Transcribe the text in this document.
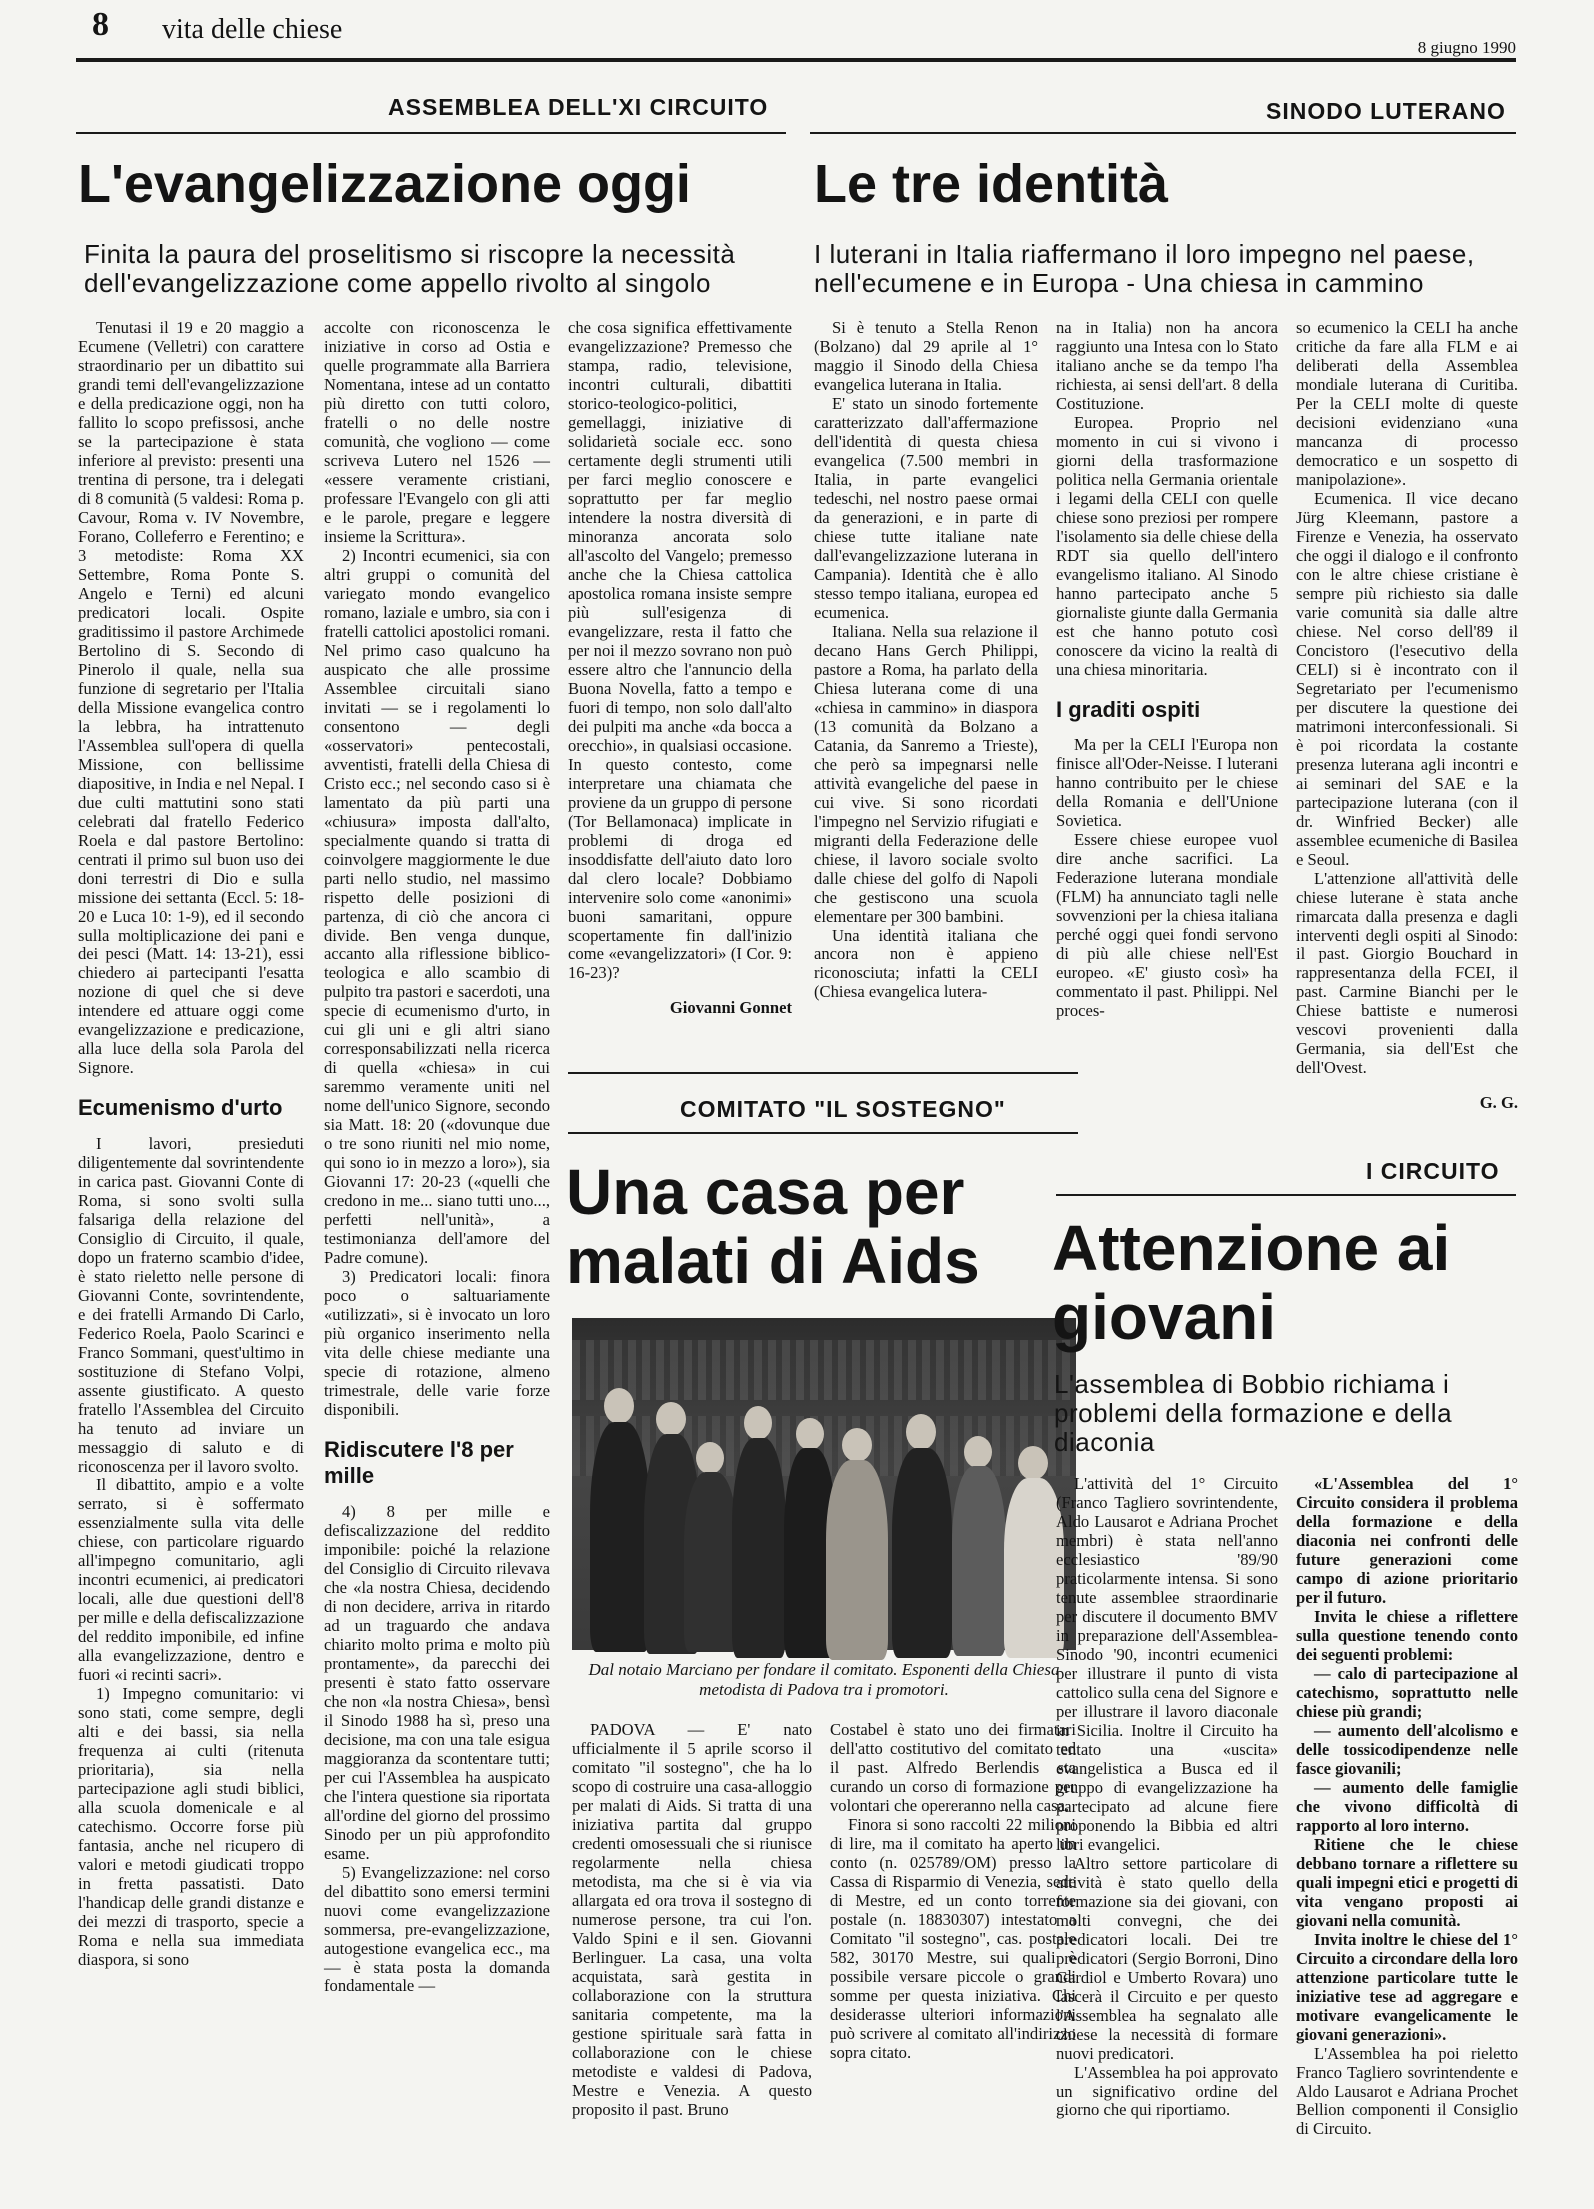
8 vita delle chiese
8 giugno 1990
ASSEMBLEA DELL'XI CIRCUITO
L'evangelizzazione oggi
Finita la paura del proselitismo si riscopre la necessità dell'evangelizzazione come appello rivolto al singolo

Tenutasi il 19 e 20 maggio a Ecumene (Velletri) con carattere straordinario per un dibattito sui grandi temi dell'evangelizzazione e della predicazione oggi, non ha fallito lo scopo prefissosi, anche se la partecipazione è stata inferiore al previsto: presenti una trentina di persone, tra i delegati di 8 comunità (5 valdesi: Roma p. Cavour, Roma v. IV Novembre, Forano, Colleferro e Ferentino; e 3 metodiste: Roma XX Settembre, Roma Ponte S. Angelo e Terni) ed alcuni predicatori locali. Ospite graditissimo il pastore Archimede Bertolino di S. Secondo di Pinerolo il quale, nella sua funzione di segretario per l'Italia della Missione evangelica contro la lebbra, ha intrattenuto l'Assemblea sull'opera di quella Missione, con bellissime diapositive, in India e nel Nepal. I due culti mattutini sono stati celebrati dal fratello Federico Roela e dal pastore Bertolino: centrati il primo sul buon uso dei doni terrestri di Dio e sulla missione dei settanta (Eccl. 5: 18-20 e Luca 10: 1-9), ed il secondo sulla moltiplicazione dei pani e dei pesci (Matt. 14: 13-21), essi chiedero ai partecipanti l'esatta nozione di quel che si deve intendere ed attuare oggi come evangelizzazione e predicazione, alla luce della sola Parola del Signore.

Ecumenismo d'urto

I lavori, presieduti diligentemente dal sovrintendente in carica past. Giovanni Conte di Roma, si sono svolti sulla falsariga della relazione del Consiglio di Circuito, il quale, dopo un fraterno scambio d'idee, è stato rieletto nelle persone di Giovanni Conte, sovrintendente, e dei fratelli Armando Di Carlo, Federico Roela, Paolo Scarinci e Franco Sommani, quest'ultimo in sostituzione di Stefano Volpi, assente giustificato. A questo fratello l'Assemblea del Circuito ha tenuto ad inviare un messaggio di saluto e di riconoscenza per il lavoro svolto.

Il dibattito, ampio e a volte serrato, si è soffermato essenzialmente sulla vita delle chiese, con particolare riguardo all'impegno comunitario, agli incontri ecumenici, ai predicatori locali, alle due questioni dell'8 per mille e della defiscalizzazione del reddito imponibile, ed infine alla evangelizzazione, dentro e fuori «i recinti sacri».

1) Impegno comunitario: vi sono stati, come sempre, degli alti e dei bassi, sia nella frequenza ai culti (ritenuta prioritaria), sia nella partecipazione agli studi biblici, alla scuola domenicale e al catechismo. Occorre forse più fantasia, anche nel ricupero di valori e metodi giudicati troppo in fretta passatisti. Dato l'handicap delle grandi distanze e dei mezzi di trasporto, specie a Roma e nella sua immediata diaspora, si sono

accolte con riconoscenza le iniziative in corso ad Ostia e quelle programmate alla Barriera Nomentana, intese ad un contatto più diretto con tutti coloro, fratelli o no delle nostre comunità, che vogliono — come scriveva Lutero nel 1526 — «essere veramente cristiani, professare l'Evangelo con gli atti e le parole, pregare e leggere insieme la Scrittura».

2) Incontri ecumenici, sia con altri gruppi o comunità del variegato mondo evangelico romano, laziale e umbro, sia con i fratelli cattolici apostolici romani. Nel primo caso qualcuno ha auspicato che alle prossime Assemblee circuitali siano invitati — se i regolamenti lo consentono — degli «osservatori» pentecostali, avventisti, fratelli della Chiesa di Cristo ecc.; nel secondo caso si è lamentato da più parti una «chiusura» imposta dall'alto, specialmente quando si tratta di coinvolgere maggiormente le due parti nello studio, nel massimo rispetto delle posizioni di partenza, di ciò che ancora ci divide. Ben venga dunque, accanto alla riflessione biblico-teologica e allo scambio di pulpito tra pastori e sacerdoti, una specie di ecumenismo d'urto, in cui gli uni e gli altri siano corresponsabilizzati nella ricerca di quella «chiesa» in cui saremmo veramente uniti nel nome dell'unico Signore, secondo sia Matt. 18: 20 («dovunque due o tre sono riuniti nel mio nome, qui sono io in mezzo a loro»), sia Giovanni 17: 20-23 («quelli che credono in me... siano tutti uno..., perfetti nell'unità», a testimonianza dell'amore del Padre comune).

3) Predicatori locali: finora poco o saltuariamente «utilizzati», si è invocato un loro più organico inserimento nella vita delle chiese mediante una specie di rotazione, almeno trimestrale, delle varie forze disponibili.

Ridiscutere l'8 per mille

4) 8 per mille e defiscalizzazione del reddito imponibile: poiché la relazione del Consiglio di Circuito rilevava che «la nostra Chiesa, decidendo di non decidere, arriva in ritardo ad un traguardo che andava chiarito molto prima e molto più prontamente», da parecchi dei presenti è stato fatto osservare che non «la nostra Chiesa», bensì il Sinodo 1988 ha sì, preso una decisione, ma con una tale esigua maggioranza da scontentare tutti; per cui l'Assemblea ha auspicato che l'intera questione sia riportata all'ordine del giorno del prossimo Sinodo per un più approfondito esame.

5) Evangelizzazione: nel corso del dibattito sono emersi termini nuovi come evangelizzazione sommersa, pre-evangelizzazione, autogestione evangelica ecc., ma — è stata posta la domanda fondamentale —

che cosa significa effettivamente evangelizzazione? Premesso che stampa, radio, televisione, incontri culturali, dibattiti storico-teologico-politici, gemellaggi, iniziative di solidarietà sociale ecc. sono certamente degli strumenti utili per farci meglio conoscere e soprattutto per far meglio intendere la nostra diversità di minoranza ancorata solo all'ascolto del Vangelo; premesso anche che la Chiesa cattolica apostolica romana insiste sempre più sull'esigenza di evangelizzare, resta il fatto che per noi il mezzo sovrano non può essere altro che l'annuncio della Buona Novella, fatto a tempo e fuori di tempo, non solo dall'alto dei pulpiti ma anche «da bocca a orecchio», in qualsiasi occasione. In questo contesto, come interpretare una chiamata che proviene da un gruppo di persone (Tor Bellamonaca) implicate in problemi di droga ed insoddisfatte dell'aiuto dato loro dal clero locale? Dobbiamo intervenire solo come «anonimi» buoni samaritani, oppure scopertamente fin dall'inizio come «evangelizzatori» (I Cor. 9: 16-23)?

Giovanni Gonnet

SINODO LUTERANO
Le tre identità
I luterani in Italia riaffermano il loro impegno nel paese, nell'ecumene e in Europa - Una chiesa in cammino

Si è tenuto a Stella Renon (Bolzano) dal 29 aprile al 1° maggio il Sinodo della Chiesa evangelica luterana in Italia.

E' stato un sinodo fortemente caratterizzato dall'affermazione dell'identità di questa chiesa evangelica (7.500 membri in Italia, in parte evangelici tedeschi, nel nostro paese ormai da generazioni, e in parte di chiese tutte italiane nate dall'evangelizzazione luterana in Campania). Identità che è allo stesso tempo italiana, europea ed ecumenica.

Italiana. Nella sua relazione il decano Hans Gerch Philippi, pastore a Roma, ha parlato della Chiesa luterana come di una «chiesa in cammino» in diaspora (13 comunità da Bolzano a Catania, da Sanremo a Trieste), che però sa impegnarsi nelle attività evangeliche del paese in cui vive. Si sono ricordati l'impegno nel Servizio rifugiati e migranti della Federazione delle chiese, il lavoro sociale svolto dalle chiese del golfo di Napoli che gestiscono una scuola elementare per 300 bambini.

Una identità italiana che ancora non è appieno riconosciuta; infatti la CELI (Chiesa evangelica lutera-

na in Italia) non ha ancora raggiunto una Intesa con lo Stato italiano anche se da tempo l'ha richiesta, ai sensi dell'art. 8 della Costituzione.

Europea. Proprio nel momento in cui si vivono i giorni della trasformazione politica nella Germania orientale i legami della CELI con quelle chiese sono preziosi per rompere l'isolamento sia delle chiese della RDT sia quello dell'intero evangelismo italiano. Al Sinodo hanno partecipato anche 5 giornaliste giunte dalla Germania est che hanno potuto così conoscere da vicino la realtà di una chiesa minoritaria.

I graditi ospiti

Ma per la CELI l'Europa non finisce all'Oder-Neisse. I luterani hanno contribuito per le chiese della Romania e dell'Unione Sovietica.

Essere chiese europee vuol dire anche sacrifici. La Federazione luterana mondiale (FLM) ha annunciato tagli nelle sovvenzioni per la chiesa italiana perché oggi quei fondi servono di più alle chiese nell'Est europeo. «E' giusto così» ha commentato il past. Philippi. Nel proces-

so ecumenico la CELI ha anche critiche da fare alla FLM e ai deliberati della Assemblea mondiale luterana di Curitiba. Per la CELI molte di queste decisioni evidenziano «una mancanza di processo democratico e un sospetto di manipolazione».

Ecumenica. Il vice decano Jürg Kleemann, pastore a Firenze e Venezia, ha osservato che oggi il dialogo e il confronto con le altre chiese cristiane è sempre più richiesto sia dalle varie comunità sia dalle altre chiese. Nel corso dell'89 il Concistoro (l'esecutivo della CELI) si è incontrato con il Segretariato per l'ecumenismo per discutere la questione dei matrimoni interconfessionali. Si è poi ricordata la costante presenza luterana agli incontri e ai seminari del SAE e la partecipazione luterana (con il dr. Winfried Becker) alle assemblee ecumeniche di Basilea e Seoul.

L'attenzione all'attività delle chiese luterane è stata anche rimarcata dalla presenza e dagli interventi degli ospiti al Sinodo: il past. Giorgio Bouchard in rappresentanza della FCEI, il past. Carmine Bianchi per le Chiese battiste e numerosi vescovi provenienti dalla Germania, sia dell'Est che dell'Ovest.

G. G.

COMITATO "IL SOSTEGNO"
Una casa per malati di Aids
Dal notaio Marciano per fondare il comitato. Esponenti della Chiesa metodista di Padova tra i promotori.

PADOVA — E' nato ufficialmente il 5 aprile scorso il comitato "il sostegno", che ha lo scopo di costruire una casa-alloggio per malati di Aids. Si tratta di una iniziativa partita dal gruppo credenti omosessuali che si riunisce regolarmente nella chiesa metodista, ma che si è via via allargata ed ora trova il sostegno di numerose persone, tra cui l'on. Valdo Spini e il sen. Giovanni Berlinguer. La casa, una volta acquistata, sarà gestita in collaborazione con la struttura sanitaria competente, ma la gestione spirituale sarà fatta in collaborazione con le chiese metodiste e valdesi di Padova, Mestre e Venezia. A questo proposito il past. Bruno

Costabel è stato uno dei firmatari dell'atto costitutivo del comitato ed il past. Alfredo Berlendis sta curando un corso di formazione per volontari che opereranno nella casa.

Finora si sono raccolti 22 milioni di lire, ma il comitato ha aperto un conto (n. 025789/OM) presso la Cassa di Risparmio di Venezia, sede di Mestre, ed un conto torrente postale (n. 18830307) intestato a Comitato "il sostegno", cas. postale 582, 30170 Mestre, sui quali è possibile versare piccole o grandi somme per questa iniziativa. Chi desiderasse ulteriori informazioni può scrivere al comitato all'indirizzo sopra citato.

I CIRCUITO
Attenzione ai giovani
L'assemblea di Bobbio richiama i problemi della formazione e della diaconia

L'attività del 1° Circuito (Franco Tagliero sovrintendente, Aldo Lausarot e Adriana Prochet membri) è stata nell'anno ecclesiastico '89/90 praticolarmente intensa. Si sono tenute assemblee straordinarie per discutere il documento BMV in preparazione dell'Assemblea-Sinodo '90, incontri ecumenici per illustrare il punto di vista cattolico sulla cena del Signore e per illustrare il lavoro diaconale in Sicilia. Inoltre il Circuito ha tentato una «uscita» evangelistica a Busca ed il gruppo di evangelizzazione ha partecipato ad alcune fiere proponendo la Bibbia ed altri libri evangelici.

Altro settore particolare di attività è stato quello della formazione sia dei giovani, con molti convegni, che dei predicatori locali. Dei tre predicatori (Sergio Borroni, Dino Gardiol e Umberto Rovara) uno lascerà il Circuito e per questo l'Assemblea ha segnalato alle chiese la necessità di formare nuovi predicatori.

L'Assemblea ha poi approvato un significativo ordine del giorno che qui riportiamo.

«L'Assemblea del 1° Circuito considera il problema della formazione e della diaconia nei confronti delle future generazioni come campo di azione prioritario per il futuro.

Invita le chiese a riflettere sulla questione tenendo conto dei seguenti problemi:

— calo di partecipazione al catechismo, soprattutto nelle chiese più grandi;

— aumento dell'alcolismo e delle tossicodipendenze nelle fasce giovanili;

— aumento delle famiglie che vivono difficoltà di rapporto al loro interno.

Ritiene che le chiese debbano tornare a riflettere su quali impegni etici e progetti di vita vengano proposti ai giovani nella comunità.

Invita inoltre le chiese del 1° Circuito a circondare della loro attenzione particolare tutte le iniziative tese ad aggregare e motivare evangelicamente le giovani generazioni».

L'Assemblea ha poi rieletto Franco Tagliero sovrintendente e Aldo Lausarot e Adriana Prochet Bellion componenti il Consiglio di Circuito.
